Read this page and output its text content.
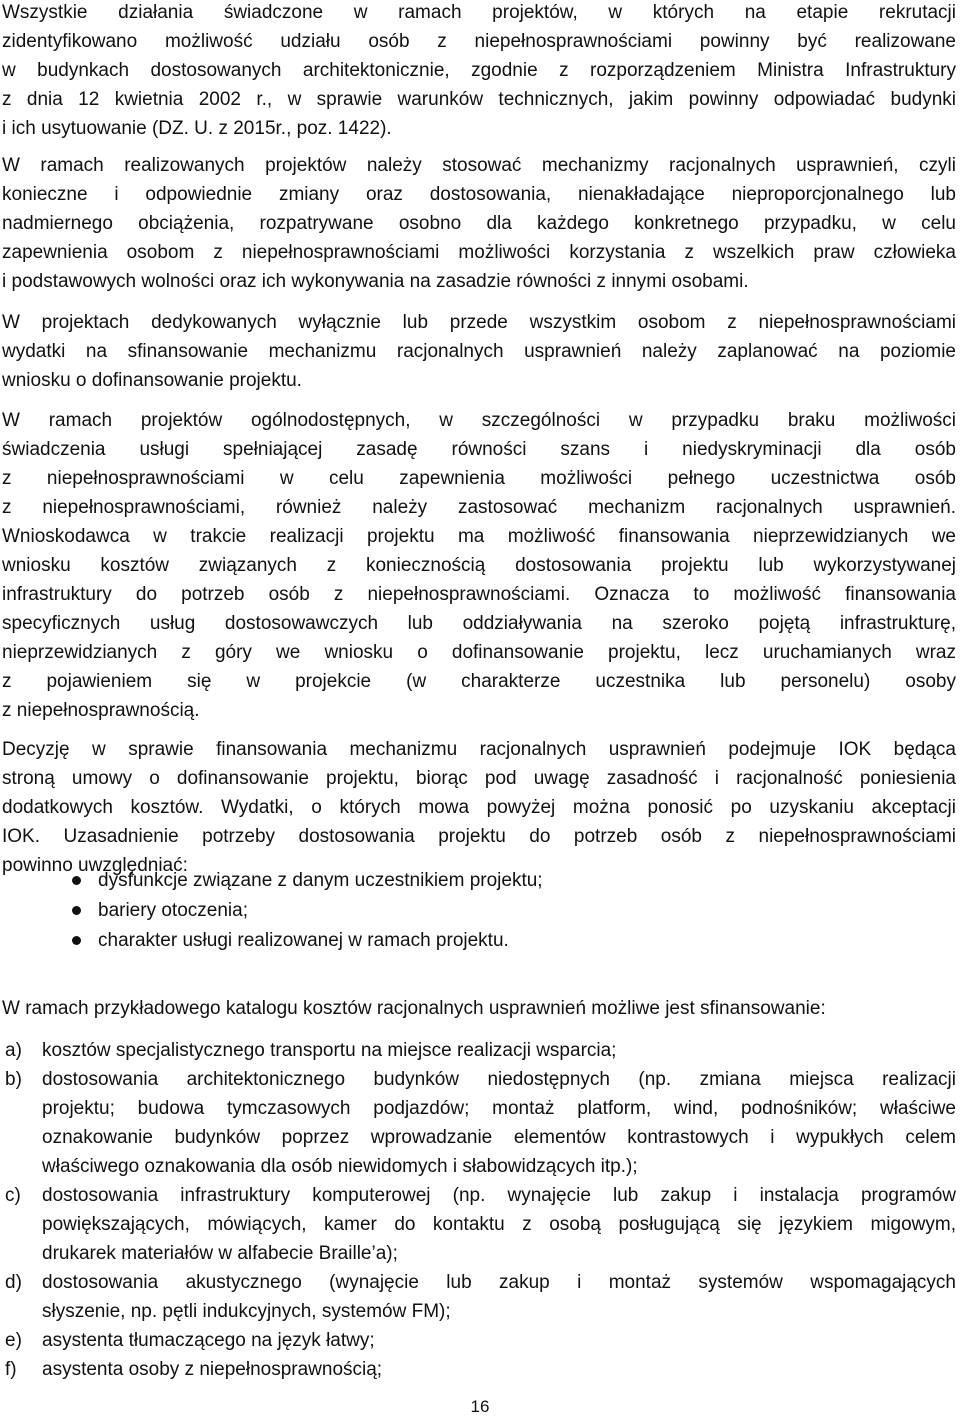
Wszystkie działania świadczone w ramach projektów, w których na etapie rekrutacji
zidentyfikowano możliwość udziału osób z niepełnosprawnościami powinny być realizowane
w budynkach dostosowanych architektonicznie, zgodnie z rozporządzeniem Ministra Infrastruktury
z dnia 12 kwietnia 2002 r., w sprawie warunków technicznych, jakim powinny odpowiadać budynki
i ich usytuowanie (DZ. U. z 2015r., poz. 1422).
W ramach realizowanych projektów należy stosować mechanizmy racjonalnych usprawnień, czyli
konieczne i odpowiednie zmiany oraz dostosowania, nienakładające nieproporcjonalnego lub
nadmiernego obciążenia, rozpatrywane osobno dla każdego konkretnego przypadku, w celu
zapewnienia osobom z niepełnosprawnościami możliwości korzystania z wszelkich praw człowieka
i podstawowych wolności oraz ich wykonywania na zasadzie równości z innymi osobami.
W projektach dedykowanych wyłącznie lub przede wszystkim osobom z niepełnosprawnościami
wydatki na sfinansowanie mechanizmu racjonalnych usprawnień należy zaplanować na poziomie
wniosku o dofinansowanie projektu.
W ramach projektów ogólnodostępnych, w szczególności w przypadku braku możliwości
świadczenia usługi spełniającej zasadę równości szans i niedyskryminacji dla osób
z niepełnosprawnościami w celu zapewnienia możliwości pełnego uczestnictwa osób
z niepełnosprawnościami, również należy zastosować mechanizm racjonalnych usprawnień.
Wnioskodawca w trakcie realizacji projektu ma możliwość finansowania nieprzewidzianych we
wniosku kosztów związanych z koniecznością dostosowania projektu lub wykorzystywanej
infrastruktury do potrzeb osób z niepełnosprawnościami. Oznacza to możliwość finansowania
specyficznych usług dostosowawczych lub oddziaływania na szeroko pojętą infrastrukturę,
nieprzewidzianych z góry we wniosku o dofinansowanie projektu, lecz uruchamianych wraz
z pojawieniem się w projekcie (w charakterze uczestnika lub personelu) osoby
z niepełnosprawnością.
Decyzję w sprawie finansowania mechanizmu racjonalnych usprawnień podejmuje IOK będąca
stroną umowy o dofinansowanie projektu, biorąc pod uwagę zasadność i racjonalność poniesienia
dodatkowych kosztów. Wydatki, o których mowa powyżej można ponosić po uzyskaniu akceptacji
IOK. Uzasadnienie potrzeby dostosowania projektu do potrzeb osób z niepełnosprawnościami
powinno uwzględniać:
dysfunkcje związane z danym uczestnikiem projektu;
bariery otoczenia;
charakter usługi realizowanej w ramach projektu.
W ramach przykładowego katalogu kosztów racjonalnych usprawnień możliwe jest sfinansowanie:
a) kosztów specjalistycznego transportu na miejsce realizacji wsparcia;
b) dostosowania architektonicznego budynków niedostępnych (np. zmiana miejsca realizacji
projektu; budowa tymczasowych podjazdów; montaż platform, wind, podnośników; właściwe
oznakowanie budynków poprzez wprowadzanie elementów kontrastowych i wypukłych celem
właściwego oznakowania dla osób niewidomych i słabowidzących itp.);
c) dostosowania infrastruktury komputerowej (np. wynajęcie lub zakup i instalacja programów
powiększających, mówiących, kamer do kontaktu z osobą posługującą się językiem migowym,
drukarek materiałów w alfabecie Braille’a);
d) dostosowania akustycznego (wynajęcie lub zakup i montaż systemów wspomagających
słyszenie, np. pętli indukcyjnych, systemów FM);
e) asystenta tłumaczącego na język łatwy;
f) asystenta osoby z niepełnosprawnością;
16
